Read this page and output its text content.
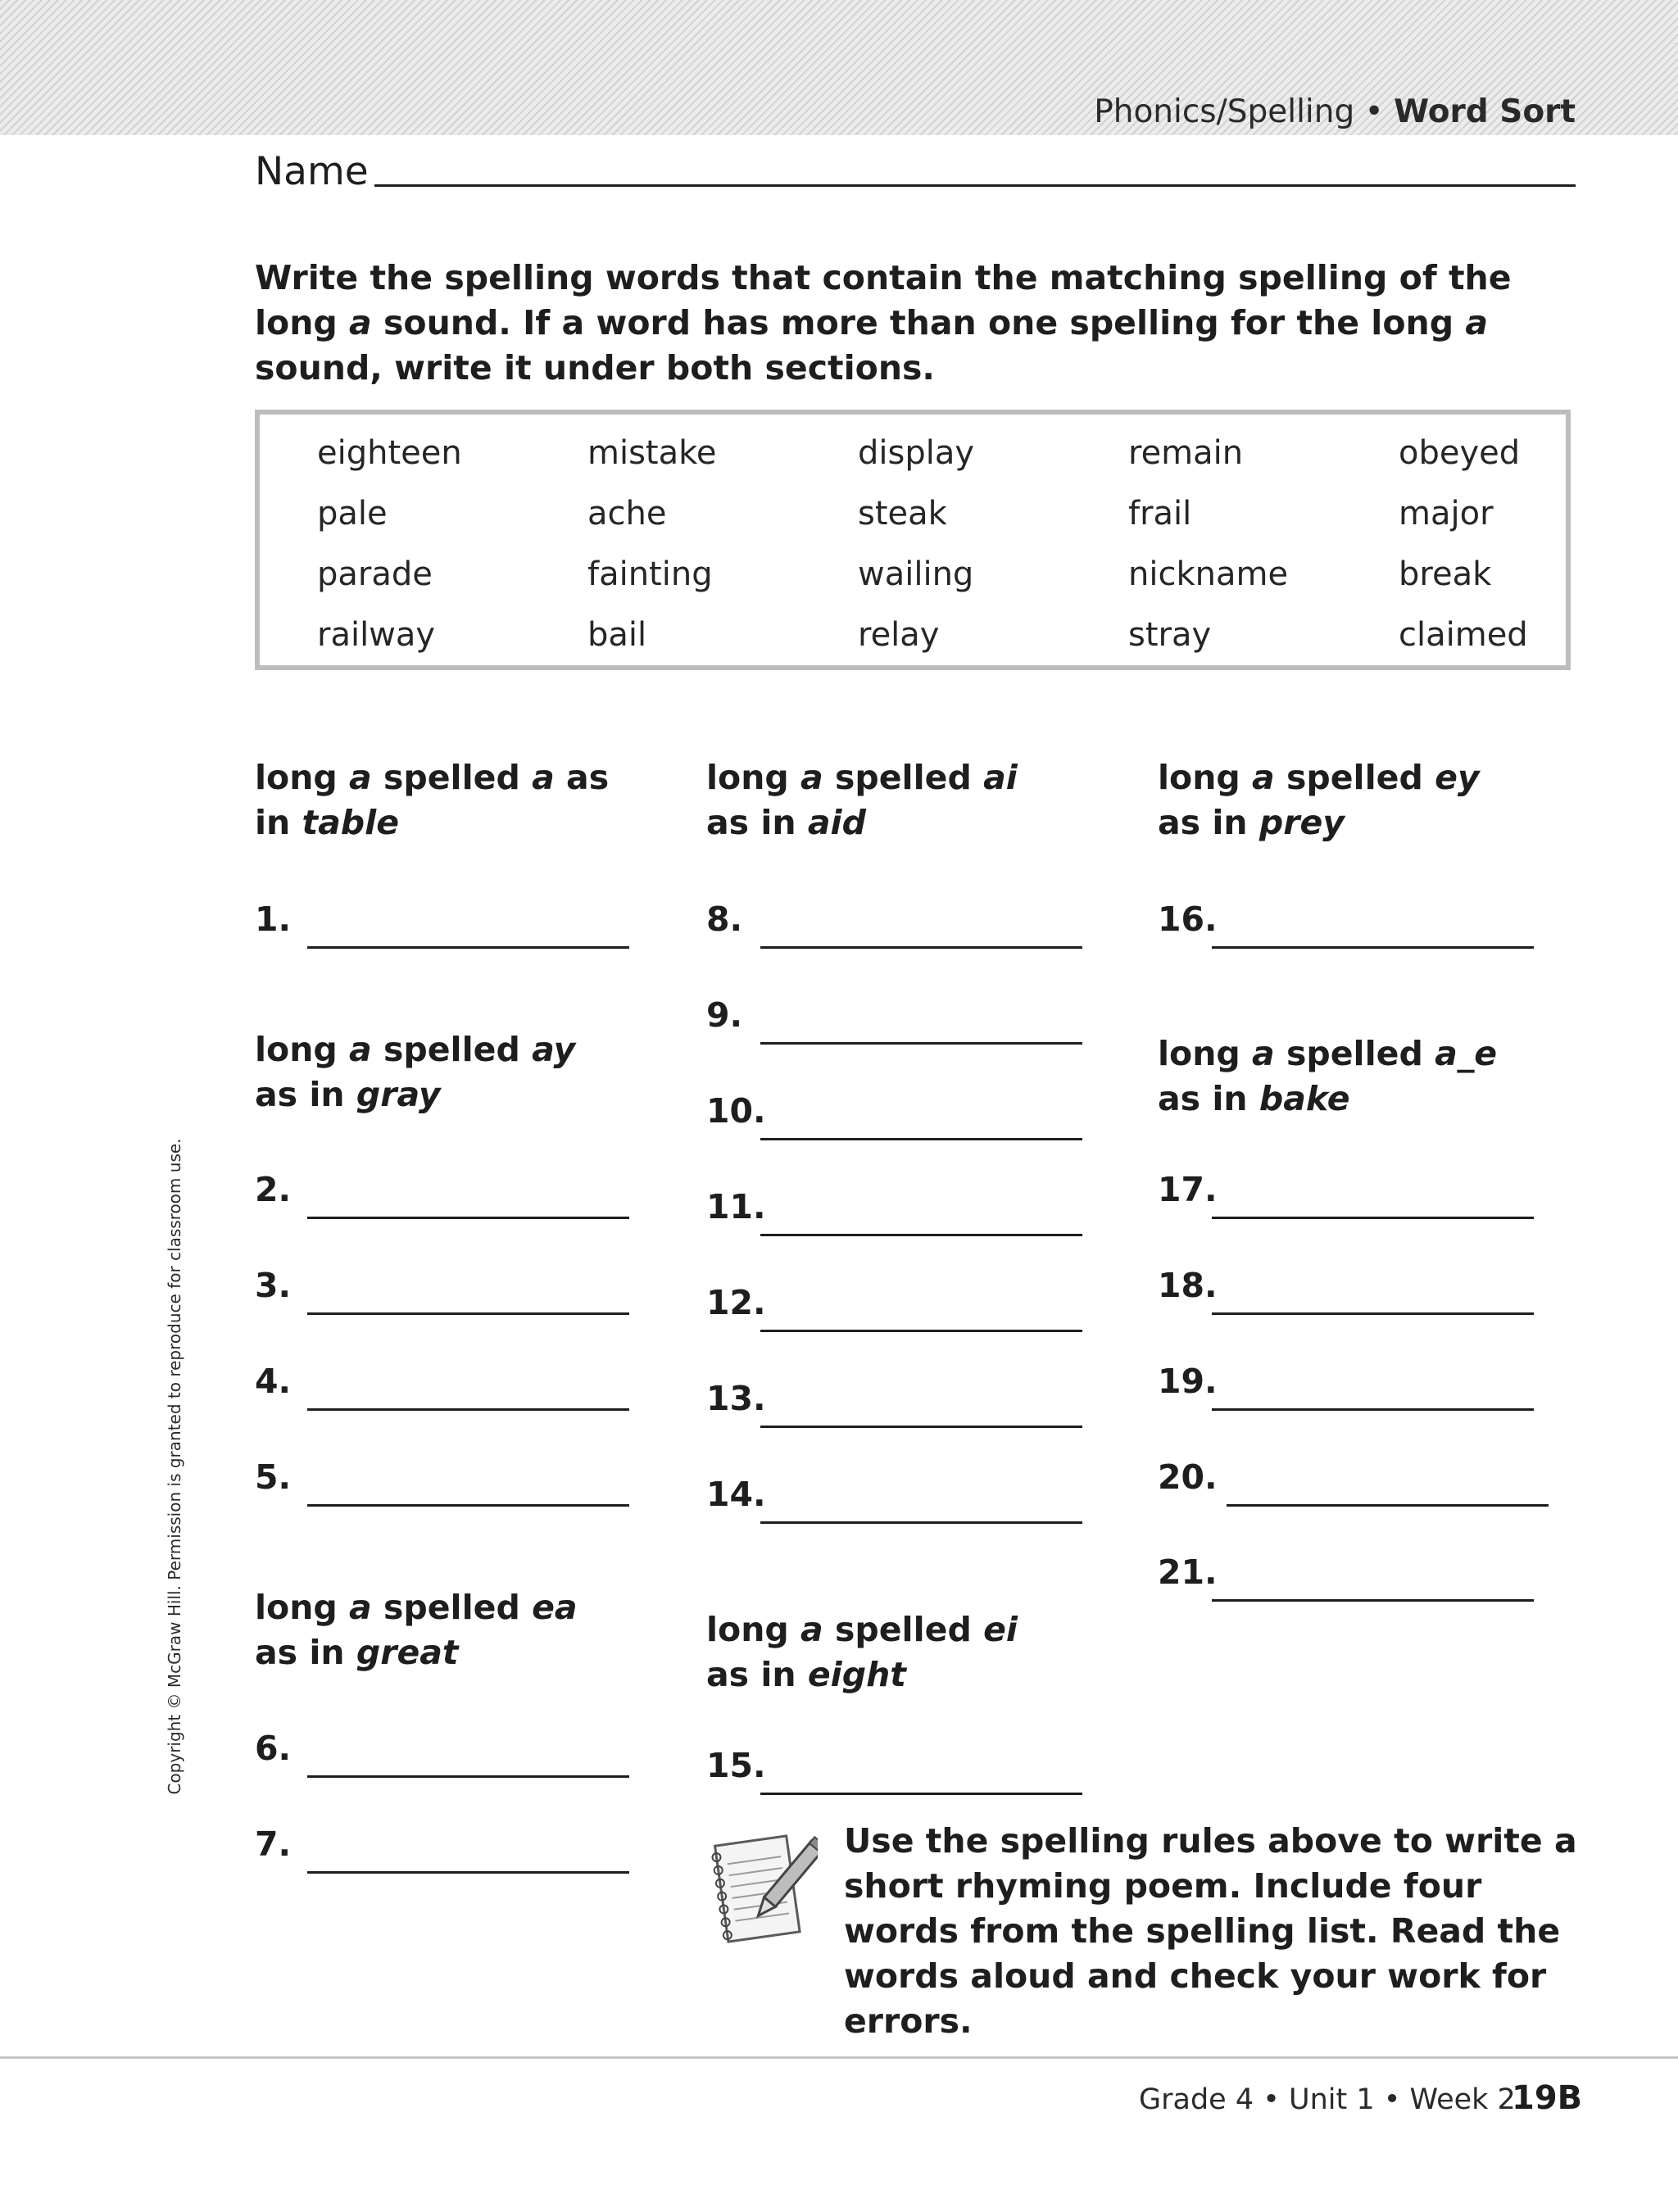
Phonics/Spelling • Word Sort
Name
Write the spelling words that contain the matching spelling of the long a sound. If a word has more than one spelling for the long a sound, write it under both sections.
eighteen	mistake	display	remain	obeyed
pale	ache	steak	frail	major
parade	fainting	wailing	nickname	break
railway	bail	relay	stray	claimed
long a spelled a as
in table
1.
long a spelled ay
as in gray
2.
3.
4.
5.
long a spelled ea
as in great
6.
7.
long a spelled ai
as in aid
8.
9.
10.
11.
12.
13.
14.
long a spelled ei
as in eight
15.
long a spelled ey
as in prey
16.
long a spelled a_e
as in bake
17.
18.
19.
20.
21.
Use the spelling rules above to write a short rhyming poem. Include four words from the spelling list. Read the words aloud and check your work for errors.
Copyright © McGraw Hill. Permission is granted to reproduce for classroom use.
Grade 4 • Unit 1 • Week 2
19B
